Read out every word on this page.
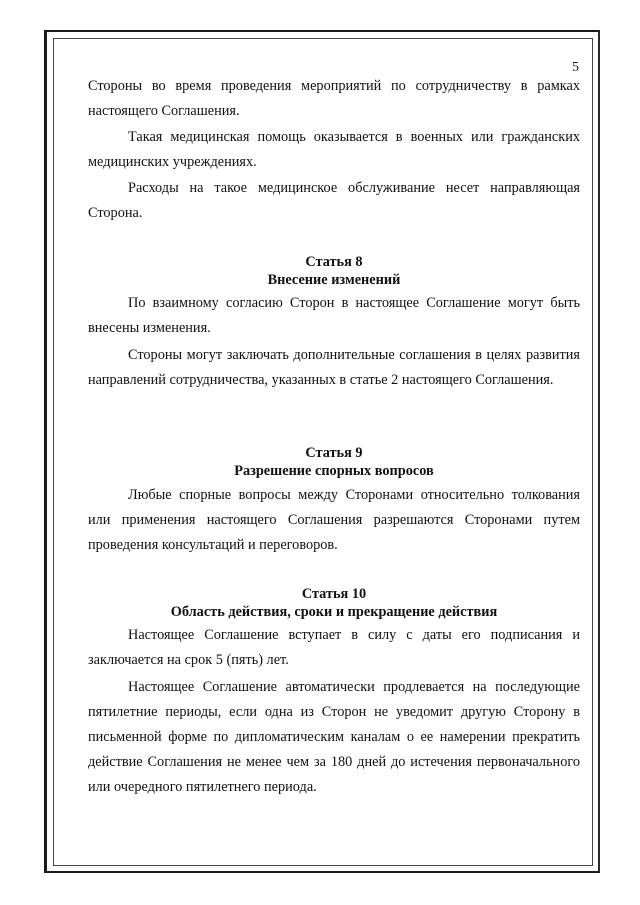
5

Стороны во время проведения мероприятий по сотрудничеству в рамках настоящего Соглашения.

Такая медицинская помощь оказывается в военных или гражданских медицинских учреждениях.

Расходы на такое медицинское обслуживание несет направляющая Сторона.

Статья 8
Внесение изменений

По взаимному согласию Сторон в настоящее Соглашение могут быть внесены изменения.

Стороны могут заключать дополнительные соглашения в целях развития направлений сотрудничества, указанных в статье 2 настоящего Соглашения.

Статья 9
Разрешение спорных вопросов

Любые спорные вопросы между Сторонами относительно толкования или применения настоящего Соглашения разрешаются Сторонами путем проведения консультаций и переговоров.

Статья 10
Область действия, сроки и прекращение действия

Настоящее Соглашение вступает в силу с даты его подписания и заключается на срок 5 (пять) лет.

Настоящее Соглашение автоматически продлевается на последующие пятилетние периоды, если одна из Сторон не уведомит другую Сторону в письменной форме по дипломатическим каналам о ее намерении прекратить действие Соглашения не менее чем за 180 дней до истечения первоначального или очередного пятилетнего периода.
